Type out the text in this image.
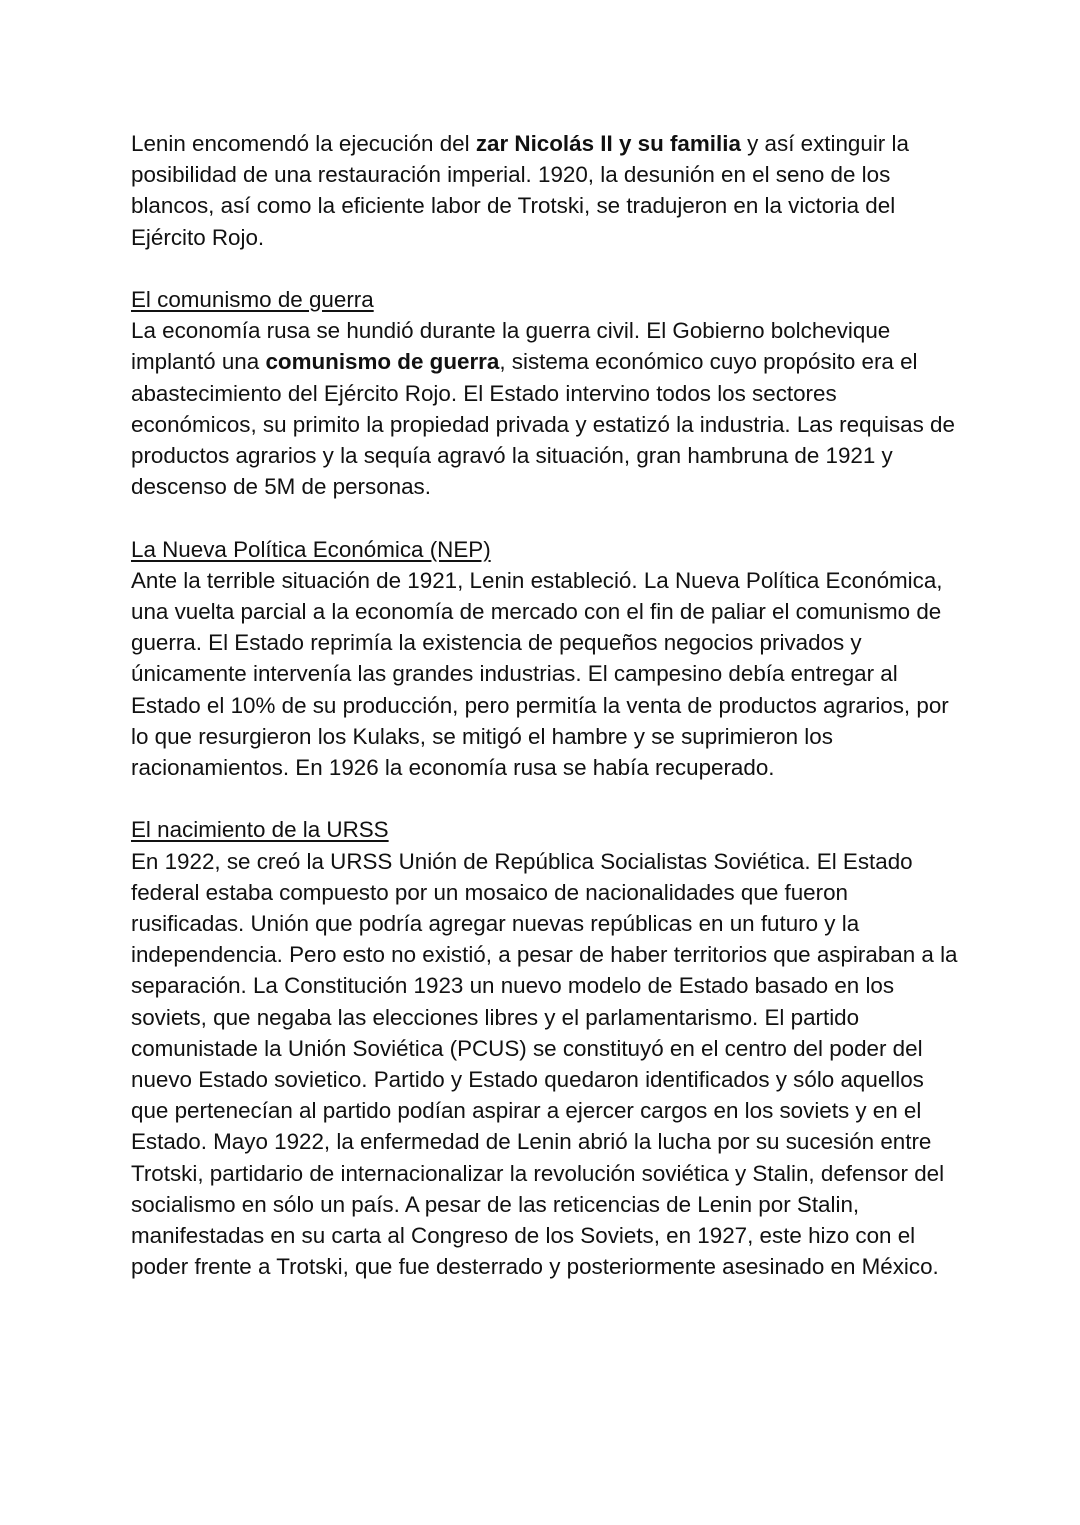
Lenin encomendó la ejecución del zar Nicolás II y su familia y así extinguir la posibilidad de una restauración imperial. 1920, la desunión en el seno de los blancos, así como la eficiente labor de Trotski, se tradujeron en la victoria del Ejército Rojo.

El comunismo de guerra

La economía rusa se hundió durante la guerra civil. El Gobierno bolchevique implantó una comunismo de guerra, sistema económico cuyo propósito era el abastecimiento del Ejército Rojo. El Estado intervino todos los sectores económicos, su primito la propiedad privada y estatizó la industria. Las requisas de productos agrarios y la sequía agravó la situación, gran hambruna de 1921 y descenso de 5M de personas.

La Nueva Política Económica (NEP)

Ante la terrible situación de 1921, Lenin estableció. La Nueva Política Económica, una vuelta parcial a la economía de mercado con el fin de paliar el comunismo de guerra. El Estado reprimía la existencia de pequeños negocios privados y únicamente intervenía las grandes industrias. El campesino debía entregar al Estado el 10% de su producción, pero permitía la venta de productos agrarios, por lo que resurgieron los Kulaks, se mitigó el hambre y se suprimieron los racionamientos. En 1926 la economía rusa se había recuperado.

El nacimiento de la URSS

En 1922, se creó la URSS Unión de República Socialistas Soviética. El Estado federal estaba compuesto por un mosaico de nacionalidades que fueron rusificadas. Unión que podría agregar nuevas repúblicas en un futuro y la independencia. Pero esto no existió, a pesar de haber territorios que aspiraban a la separación. La Constitución 1923 un nuevo modelo de Estado basado en los soviets, que negaba las elecciones libres y el parlamentarismo. El partido comunistade la Unión Soviética (PCUS) se constituyó en el centro del poder del nuevo Estado sovietico. Partido y Estado quedaron identificados y sólo aquellos que pertenecían al partido podían aspirar a ejercer cargos en los soviets y en el Estado. Mayo 1922, la enfermedad de Lenin abrió la lucha por su sucesión entre Trotski, partidario de internacionalizar la revolución soviética y Stalin, defensor del socialismo en sólo un país. A pesar de las reticencias de Lenin por Stalin, manifestadas en su carta al Congreso de los Soviets, en 1927, este hizo con el poder frente a Trotski, que fue desterrado y posteriormente asesinado en México.
